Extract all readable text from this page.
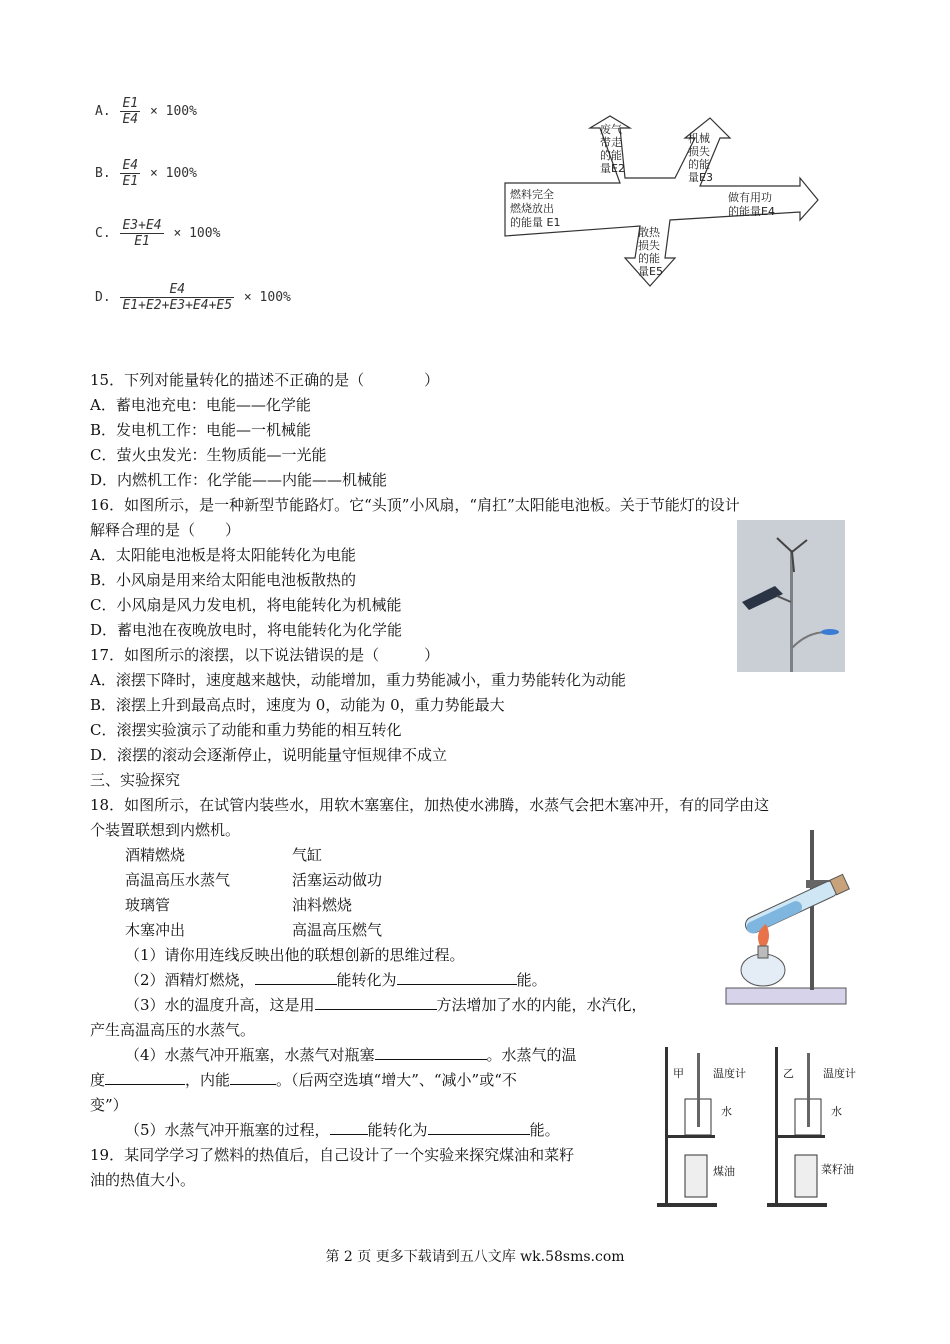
A. $\frac{E1}{E4} \times 100\%$
B. $\frac{E4}{E1} \times 100\%$
C. $\frac{E3+E4}{E1} \times 100\%$
D. $\frac{E4}{E1+E2+E3+E4+E5} \times 100\%$
废气
带走
的能
量E2
机械
损失
的能
量E3
燃料完全
燃烧放出
的能量 E1
做有用功
的能量E4
散热
损失
的能
量E5
15．下列对能量转化的描述不正确的是（　　　　）
A．蓄电池充电：电能——化学能
B．发电机工作：电能—一机械能
C．萤火虫发光：生物质能—一光能
D．内燃机工作：化学能——内能——机械能
16．如图所示，是一种新型节能路灯。它“头顶”小风扇，“肩扛”太阳能电池板。关于节能灯的设计
解释合理的是（　　）
A．太阳能电池板是将太阳能转化为电能
B．小风扇是用来给太阳能电池板散热的
C．小风扇是风力发电机，将电能转化为机械能
D．蓄电池在夜晚放电时，将电能转化为化学能
17．如图所示的滚摆，以下说法错误的是（　　　）
A．滚摆下降时，速度越来越快，动能增加，重力势能减小，重力势能转化为动能
B．滚摆上升到最高点时，速度为 0，动能为 0，重力势能最大
C．滚摆实验演示了动能和重力势能的相互转化
D．滚摆的滚动会逐渐停止，说明能量守恒规律不成立
三、实验探究
18．如图所示，在试管内装些水，用软木塞塞住，加热使水沸腾，水蒸气会把木塞冲开，有的同学由这
个装置联想到内燃机。
酒精燃烧	气缸
高温高压水蒸气	活塞运动做功
玻璃管	油料燃烧
木塞冲出	高温高压燃气
（1）请你用连线反映出他的联想创新的思维过程。
（2）酒精灯燃烧，	能转化为	能。
（3）水的温度升高，这是用	方法增加了水的内能，水汽化，
产生高温高压的水蒸气。
（4）水蒸气冲开瓶塞，水蒸气对瓶塞	。水蒸气的温
度	，内能	。（后两空选填“增大”、“减小”或“不
变”）
（5）水蒸气冲开瓶塞的过程，	能转化为	能。
甲	温度计
水
煤油
乙	温度计
水
菜籽油
19．某同学学习了燃料的热值后，自己设计了一个实验来探究煤油和菜籽
油的热值大小。
第 2 页 更多下载请到五八文库 wk.58sms.com
